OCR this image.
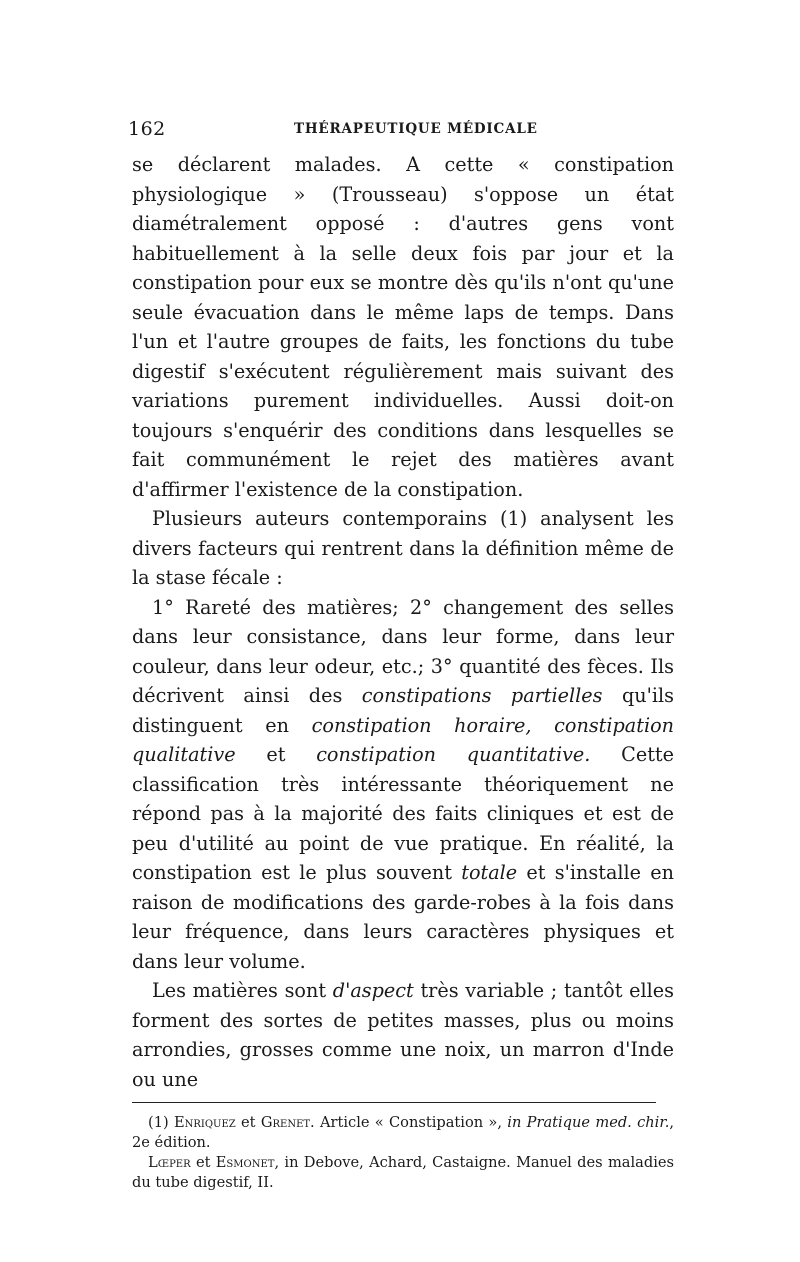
162	THÉRAPEUTIQUE MÉDICALE

se déclarent malades. A cette « constipation physiologique » (Trousseau) s'oppose un état diamétralement opposé : d'autres gens vont habituellement à la selle deux fois par jour et la constipation pour eux se montre dès qu'ils n'ont qu'une seule évacuation dans le même laps de temps. Dans l'un et l'autre groupes de faits, les fonctions du tube digestif s'exécutent régulièrement mais suivant des variations purement individuelles. Aussi doit-on toujours s'enquérir des conditions dans lesquelles se fait communément le rejet des matières avant d'affirmer l'existence de la constipation.

Plusieurs auteurs contemporains (1) analysent les divers facteurs qui rentrent dans la définition même de la stase fécale :

1° Rareté des matières; 2° changement des selles dans leur consistance, dans leur forme, dans leur couleur, dans leur odeur, etc.; 3° quantité des fèces. Ils décrivent ainsi des constipations partielles qu'ils distinguent en constipation horaire, constipation qualitative et constipation quantitative. Cette classification très intéressante théoriquement ne répond pas à la majorité des faits cliniques et est de peu d'utilité au point de vue pratique. En réalité, la constipation est le plus souvent totale et s'installe en raison de modifications des garde-robes à la fois dans leur fréquence, dans leurs caractères physiques et dans leur volume.

Les matières sont d'aspect très variable ; tantôt elles forment des sortes de petites masses, plus ou moins arrondies, grosses comme une noix, un marron d'Inde ou une

(1) Enriquez et Grenet. Article « Constipation », in Pratique med. chir., 2e édition.

Lœper et Esmonet, in Debove, Achard, Castaigne. Manuel des maladies du tube digestif, II.
